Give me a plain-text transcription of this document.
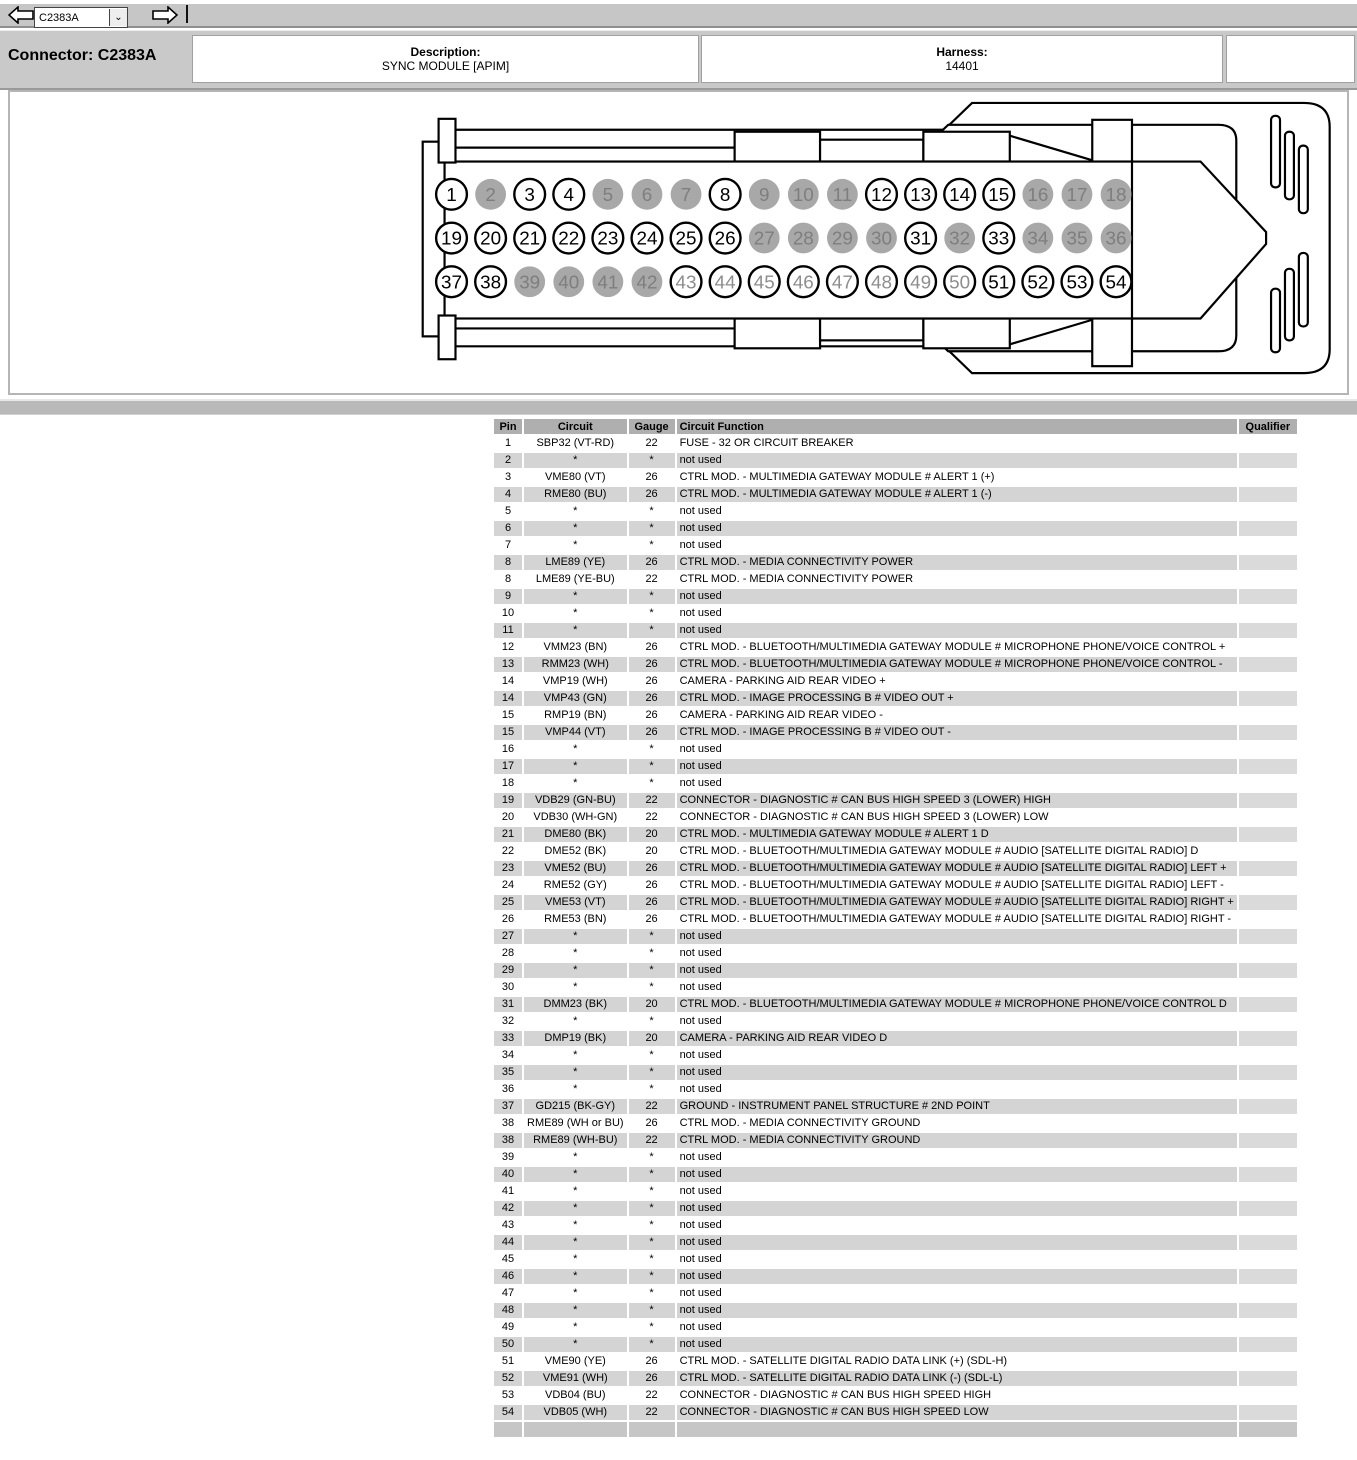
C2383A	⌄
Connector: C2383A	Description:
SYNC MODULE [APIM]
Harness:
14401
1 2 3 4 5 6 7 8 9 10 11 12 13 14 15 16 17 18
19 20 21 22 23 24 25 26 27 28 29 30 31 32 33 34 35 36
37 38 39 40 41 42 43 44 45 46 47 48 49 50 51 52 53 54
Pin	Circuit	Gauge	Circuit Function	Qualifier
1	SBP32 (VT-RD)	22	FUSE - 32 OR CIRCUIT BREAKER	
2	*	*	not used	
3	VME80 (VT)	26	CTRL MOD. - MULTIMEDIA GATEWAY MODULE # ALERT 1 (+)	
4	RME80 (BU)	26	CTRL MOD. - MULTIMEDIA GATEWAY MODULE # ALERT 1 (-)	
5	*	*	not used	
6	*	*	not used	
7	*	*	not used	
8	LME89 (YE)	26	CTRL MOD. - MEDIA CONNECTIVITY POWER	
8	LME89 (YE-BU)	22	CTRL MOD. - MEDIA CONNECTIVITY POWER	
9	*	*	not used	
10	*	*	not used	
11	*	*	not used	
12	VMM23 (BN)	26	CTRL MOD. - BLUETOOTH/MULTIMEDIA GATEWAY MODULE # MICROPHONE PHONE/VOICE CONTROL +	
13	RMM23 (WH)	26	CTRL MOD. - BLUETOOTH/MULTIMEDIA GATEWAY MODULE # MICROPHONE PHONE/VOICE CONTROL -	
14	VMP19 (WH)	26	CAMERA - PARKING AID REAR VIDEO +	
14	VMP43 (GN)	26	CTRL MOD. - IMAGE PROCESSING B # VIDEO OUT +	
15	RMP19 (BN)	26	CAMERA - PARKING AID REAR VIDEO -	
15	VMP44 (VT)	26	CTRL MOD. - IMAGE PROCESSING B # VIDEO OUT -	
16	*	*	not used	
17	*	*	not used	
18	*	*	not used	
19	VDB29 (GN-BU)	22	CONNECTOR - DIAGNOSTIC # CAN BUS HIGH SPEED 3 (LOWER) HIGH	
20	VDB30 (WH-GN)	22	CONNECTOR - DIAGNOSTIC # CAN BUS HIGH SPEED 3 (LOWER) LOW	
21	DME80 (BK)	20	CTRL MOD. - MULTIMEDIA GATEWAY MODULE # ALERT 1 D	
22	DME52 (BK)	20	CTRL MOD. - BLUETOOTH/MULTIMEDIA GATEWAY MODULE # AUDIO [SATELLITE DIGITAL RADIO] D	
23	VME52 (BU)	26	CTRL MOD. - BLUETOOTH/MULTIMEDIA GATEWAY MODULE # AUDIO [SATELLITE DIGITAL RADIO] LEFT +	
24	RME52 (GY)	26	CTRL MOD. - BLUETOOTH/MULTIMEDIA GATEWAY MODULE # AUDIO [SATELLITE DIGITAL RADIO] LEFT -	
25	VME53 (VT)	26	CTRL MOD. - BLUETOOTH/MULTIMEDIA GATEWAY MODULE # AUDIO [SATELLITE DIGITAL RADIO] RIGHT +	
26	RME53 (BN)	26	CTRL MOD. - BLUETOOTH/MULTIMEDIA GATEWAY MODULE # AUDIO [SATELLITE DIGITAL RADIO] RIGHT -	
27	*	*	not used	
28	*	*	not used	
29	*	*	not used	
30	*	*	not used	
31	DMM23 (BK)	20	CTRL MOD. - BLUETOOTH/MULTIMEDIA GATEWAY MODULE # MICROPHONE PHONE/VOICE CONTROL D	
32	*	*	not used	
33	DMP19 (BK)	20	CAMERA - PARKING AID REAR VIDEO D	
34	*	*	not used	
35	*	*	not used	
36	*	*	not used	
37	GD215 (BK-GY)	22	GROUND - INSTRUMENT PANEL STRUCTURE # 2ND POINT	
38	RME89 (WH or BU)	26	CTRL MOD. - MEDIA CONNECTIVITY GROUND	
38	RME89 (WH-BU)	22	CTRL MOD. - MEDIA CONNECTIVITY GROUND	
39	*	*	not used	
40	*	*	not used	
41	*	*	not used	
42	*	*	not used	
43	*	*	not used	
44	*	*	not used	
45	*	*	not used	
46	*	*	not used	
47	*	*	not used	
48	*	*	not used	
49	*	*	not used	
50	*	*	not used	
51	VME90 (YE)	26	CTRL MOD. - SATELLITE DIGITAL RADIO DATA LINK (+) (SDL-H)	
52	VME91 (WH)	26	CTRL MOD. - SATELLITE DIGITAL RADIO DATA LINK (-) (SDL-L)	
53	VDB04 (BU)	22	CONNECTOR - DIAGNOSTIC # CAN BUS HIGH SPEED HIGH	
54	VDB05 (WH)	22	CONNECTOR - DIAGNOSTIC # CAN BUS HIGH SPEED LOW	
